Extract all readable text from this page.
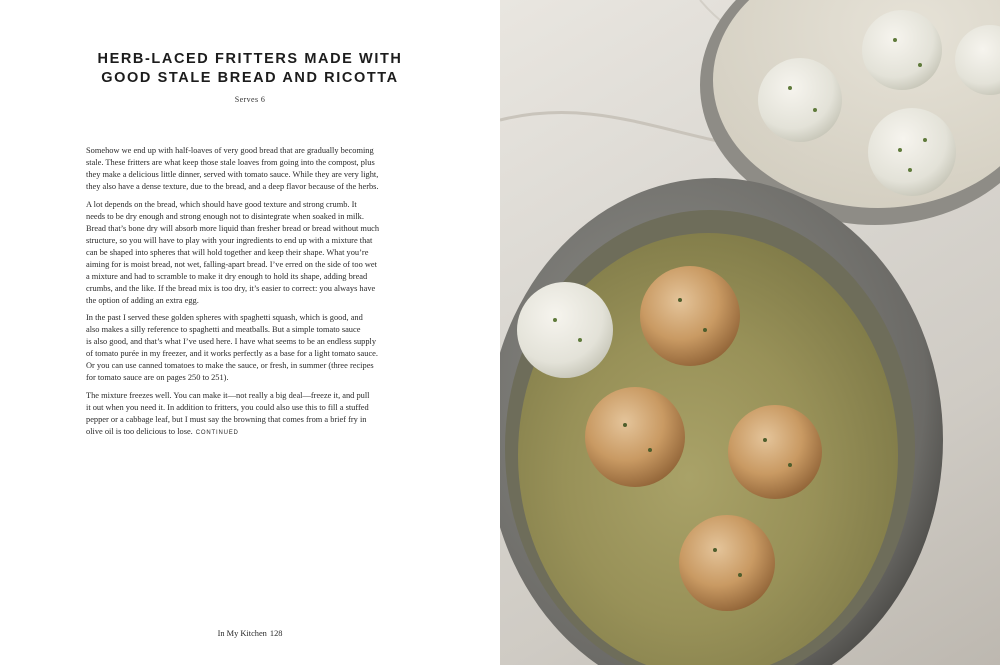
HERB-LACED FRITTERS MADE WITH
GOOD STALE BREAD AND RICOTTA
Serves 6

Somehow we end up with half-loaves of very good bread that are gradually becoming
stale. These fritters are what keep those stale loaves from going into the compost, plus
they make a delicious little dinner, served with tomato sauce. While they are very light,
they also have a dense texture, due to the bread, and a deep flavor because of the herbs.

A lot depends on the bread, which should have good texture and strong crumb. It
needs to be dry enough and strong enough not to disintegrate when soaked in milk.
Bread that’s bone dry will absorb more liquid than fresher bread or bread without much
structure, so you will have to play with your ingredients to end up with a mixture that
can be shaped into spheres that will hold together and keep their shape. What you’re
aiming for is moist bread, not wet, falling-apart bread. I’ve erred on the side of too wet
a mixture and had to scramble to make it dry enough to hold its shape, adding bread
crumbs, and the like. If the bread mix is too dry, it’s easier to correct: you always have
the option of adding an extra egg.

In the past I served these golden spheres with spaghetti squash, which is good, and
also makes a silly reference to spaghetti and meatballs. But a simple tomato sauce
is also good, and that’s what I’ve used here. I have what seems to be an endless supply
of tomato purée in my freezer, and it works perfectly as a base for a light tomato sauce.
Or you can use canned tomatoes to make the sauce, or fresh, in summer (three recipes
for tomato sauce are on pages 250 to 251).

The mixture freezes well. You can make it—not really a big deal—freeze it, and pull
it out when you need it. In addition to fritters, you could also use this to fill a stuffed
pepper or a cabbage leaf, but I must say the browning that comes from a brief fry in
olive oil is too delicious to lose. CONTINUED

In My Kitchen 128
